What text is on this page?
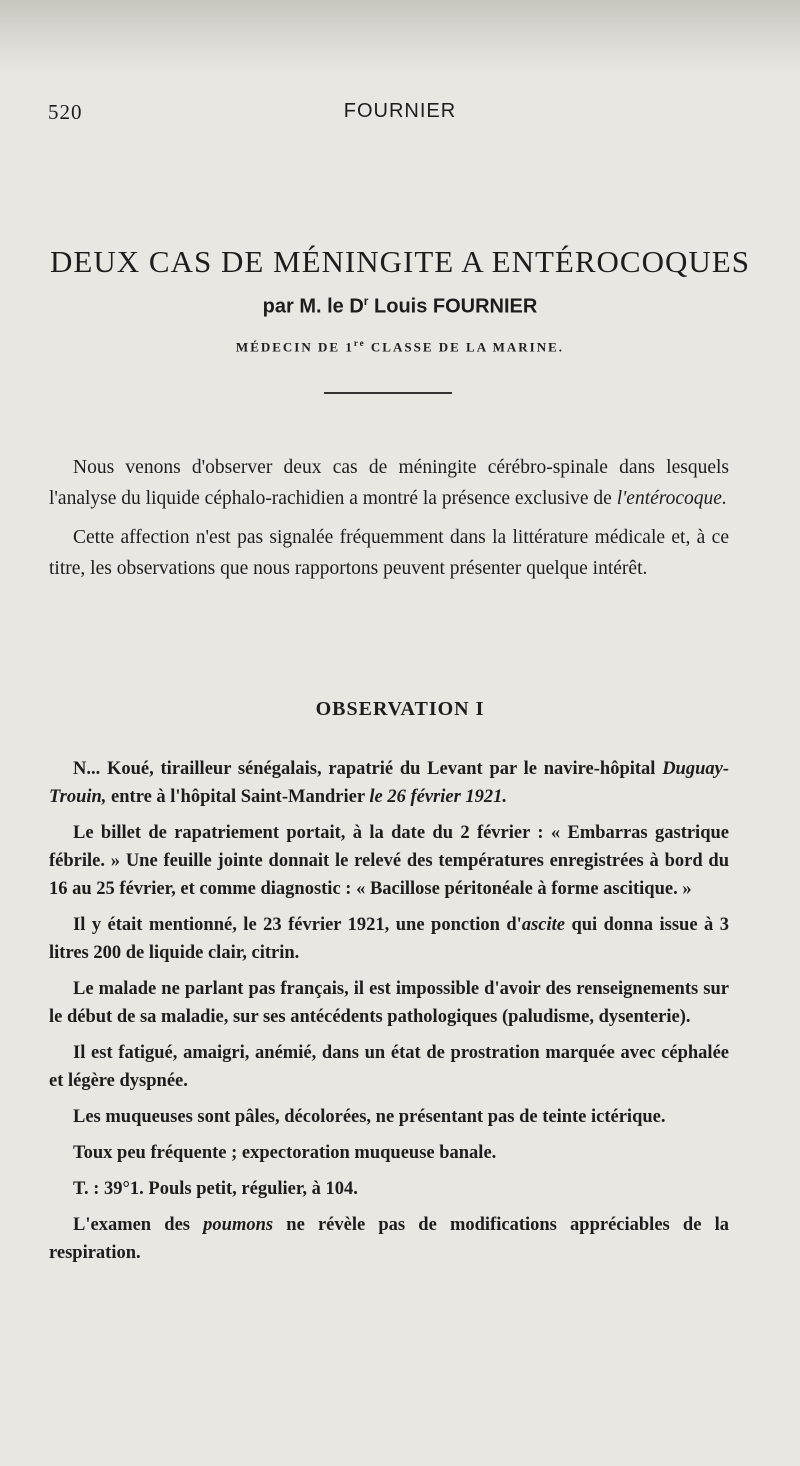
520	FOURNIER
DEUX CAS DE MÉNINGITE A ENTÉROCOQUES
par M. le $D^r$ Louis FOURNIER
MÉDECIN DE 1re CLASSE DE LA MARINE.

Nous venons d'observer deux cas de méningite cérébro-spinale dans lesquels l'analyse du liquide céphalo-rachidien a montré la présence exclusive de l'entérocoque.

Cette affection n'est pas signalée fréquemment dans la littérature médicale et, à ce titre, les observations que nous rapportons peuvent présenter quelque intérêt.

OBSERVATION I

N... Koué, tirailleur sénégalais, rapatrié du Levant par le navire-hôpital Duguay-Trouin, entre à l'hôpital Saint-Mandrier le 26 février 1921.

Le billet de rapatriement portait, à la date du 2 février : « Embarras gastrique fébrile. » Une feuille jointe donnait le relevé des températures enregistrées à bord du 16 au 25 février, et comme diagnostic : « Bacillose péritonéale à forme ascitique. »

Il y était mentionné, le 23 février 1921, une ponction d'ascite qui donna issue à 3 litres 200 de liquide clair, citrin.

Le malade ne parlant pas français, il est impossible d'avoir des renseignements sur le début de sa maladie, sur ses antécédents pathologiques (paludisme, dysenterie).

Il est fatigué, amaigri, anémié, dans un état de prostration marquée avec céphalée et légère dyspnée.

Les muqueuses sont pâles, décolorées, ne présentant pas de teinte ictérique.

Toux peu fréquente ; expectoration muqueuse banale.

T. : 39°1. Pouls petit, régulier, à 104.

L'examen des poumons ne révèle pas de modifications appréciables de la respiration.
